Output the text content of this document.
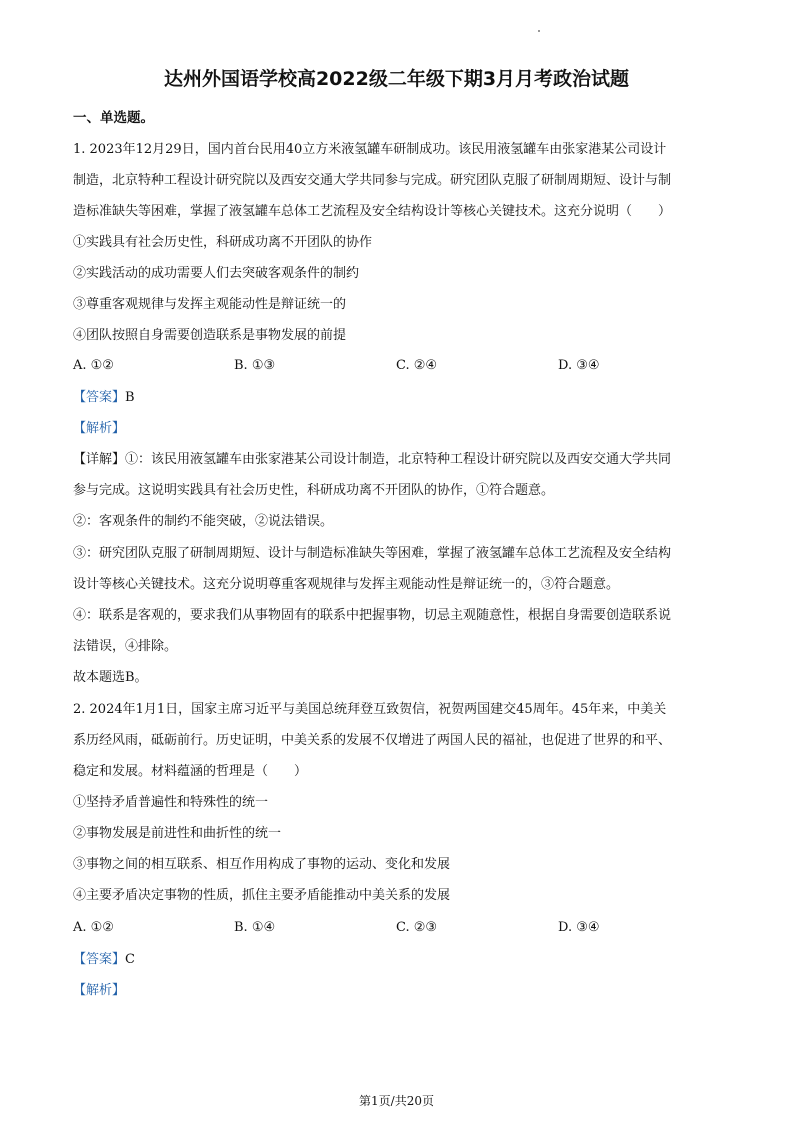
达州外国语学校高2022级二年级下期3月月考政治试题
一、单选题。
1. 2023年12月29日，国内首台民用40立方米液氢罐车研制成功。该民用液氢罐车由张家港某公司设计
制造，北京特种工程设计研究院以及西安交通大学共同参与完成。研究团队克服了研制周期短、设计与制
造标准缺失等困难，掌握了液氢罐车总体工艺流程及安全结构设计等核心关键技术。这充分说明（　　）
①实践具有社会历史性，科研成功离不开团队的协作
②实践活动的成功需要人们去突破客观条件的制约
③尊重客观规律与发挥主观能动性是辩证统一的
④团队按照自身需要创造联系是事物发展的前提
A. ①②	B. ①③	C. ②④	D. ③④
【答案】B
【解析】
【详解】①：该民用液氢罐车由张家港某公司设计制造，北京特种工程设计研究院以及西安交通大学共同
参与完成。这说明实践具有社会历史性，科研成功离不开团队的协作，①符合题意。
②：客观条件的制约不能突破，②说法错误。
③：研究团队克服了研制周期短、设计与制造标准缺失等困难，掌握了液氢罐车总体工艺流程及安全结构
设计等核心关键技术。这充分说明尊重客观规律与发挥主观能动性是辩证统一的，③符合题意。
④：联系是客观的，要求我们从事物固有的联系中把握事物，切忌主观随意性，根据自身需要创造联系说
法错误，④排除。
故本题选B。
2. 2024年1月1日，国家主席习近平与美国总统拜登互致贺信，祝贺两国建交45周年。45年来，中美关
系历经风雨，砥砺前行。历史证明，中美关系的发展不仅增进了两国人民的福祉，也促进了世界的和平、
稳定和发展。材料蕴涵的哲理是（　　）
①坚持矛盾普遍性和特殊性的统一
②事物发展是前进性和曲折性的统一
③事物之间的相互联系、相互作用构成了事物的运动、变化和发展
④主要矛盾决定事物的性质，抓住主要矛盾能推动中美关系的发展
A. ①②	B. ①④	C. ②③	D. ③④
【答案】C
【解析】
第1页/共20页
